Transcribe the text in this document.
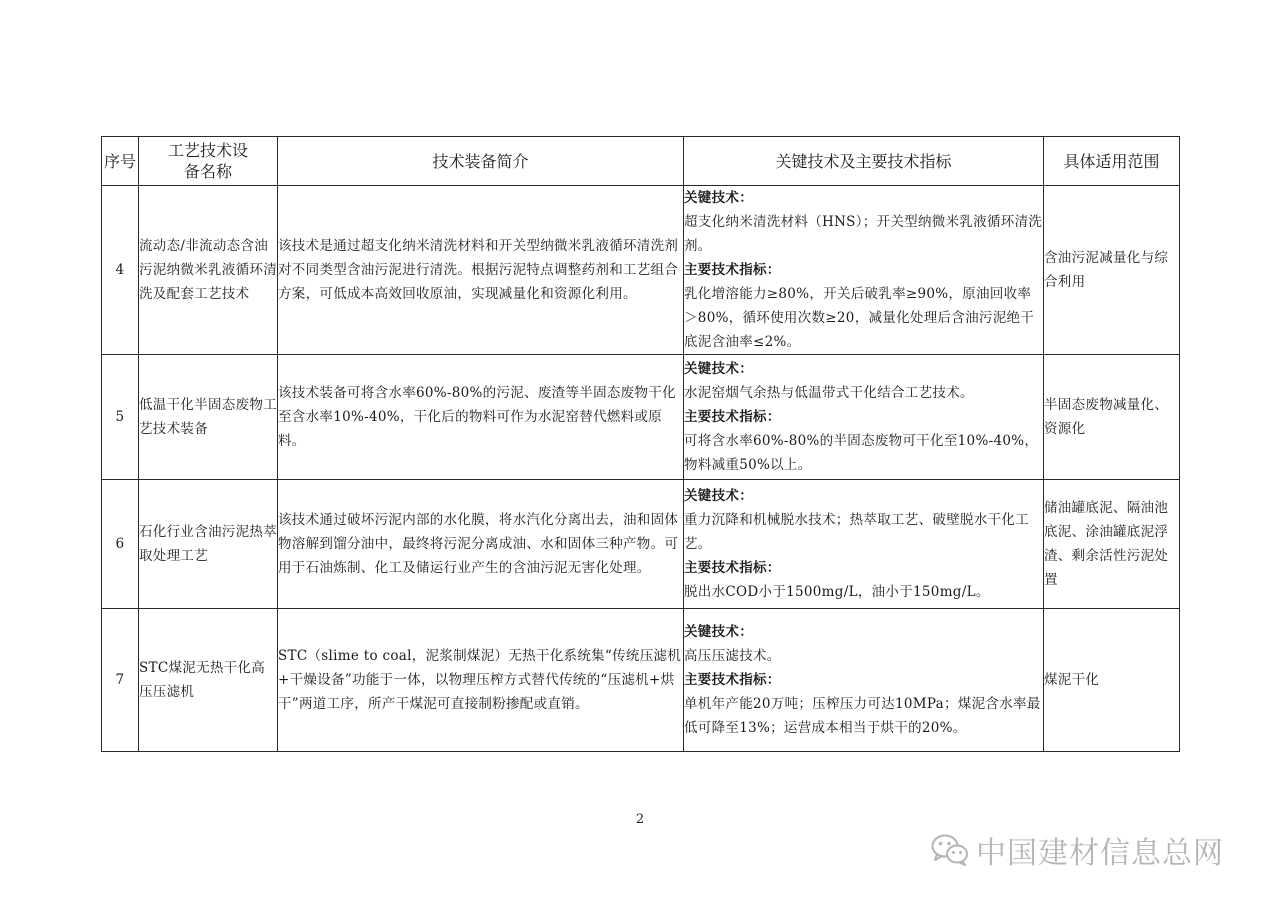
序号	工艺技术设备名称	技术装备简介	关键技术及主要技术指标	具体适用范围
4	流动态/非流动态含油污泥纳微米乳液循环清洗及配套工艺技术	该技术是通过超支化纳米清洗材料和开关型纳微米乳液循环清洗剂对不同类型含油污泥进行清洗。根据污泥特点调整药剂和工艺组合方案，可低成本高效回收原油，实现减量化和资源化利用。	关键技术：
超支化纳米清洗材料（HNS）；开关型纳微米乳液循环清洗剂。
主要技术指标：
乳化增溶能力≥80%，开关后破乳率≥90%，原油回收率＞80%，循环使用次数≥20，减量化处理后含油污泥绝干底泥含油率≤2%。	含油污泥减量化与综合利用
5	低温干化半固态废物工艺技术装备	该技术装备可将含水率60%-80%的污泥、废渣等半固态废物干化至含水率10%-40%，干化后的物料可作为水泥窑替代燃料或原料。	关键技术：
水泥窑烟气余热与低温带式干化结合工艺技术。
主要技术指标：
可将含水率60%-80%的半固态废物可干化至10%-40%，物料减重50%以上。	半固态废物减量化、资源化
6	石化行业含油污泥热萃取处理工艺	该技术通过破坏污泥内部的水化膜，将水汽化分离出去，油和固体物溶解到馏分油中，最终将污泥分离成油、水和固体三种产物。可用于石油炼制、化工及储运行业产生的含油污泥无害化处理。	关键技术：
重力沉降和机械脱水技术；热萃取工艺、破壁脱水干化工艺。
主要技术指标：
脱出水COD小于1500mg/L，油小于150mg/L。	储油罐底泥、隔油池底泥、涂油罐底泥浮渣、剩余活性污泥处置
7	STC煤泥无热干化高压压滤机	STC（slime to coal，泥浆制煤泥）无热干化系统集“传统压滤机+干燥设备”功能于一体，以物理压榨方式替代传统的“压滤机+烘干”两道工序，所产干煤泥可直接制粉掺配或直销。	关键技术：
高压压滤技术。
主要技术指标：
单机年产能20万吨；压榨压力可达10MPa；煤泥含水率最低可降至13%；运营成本相当于烘干的20%。	煤泥干化
2
中国建材信息总网
